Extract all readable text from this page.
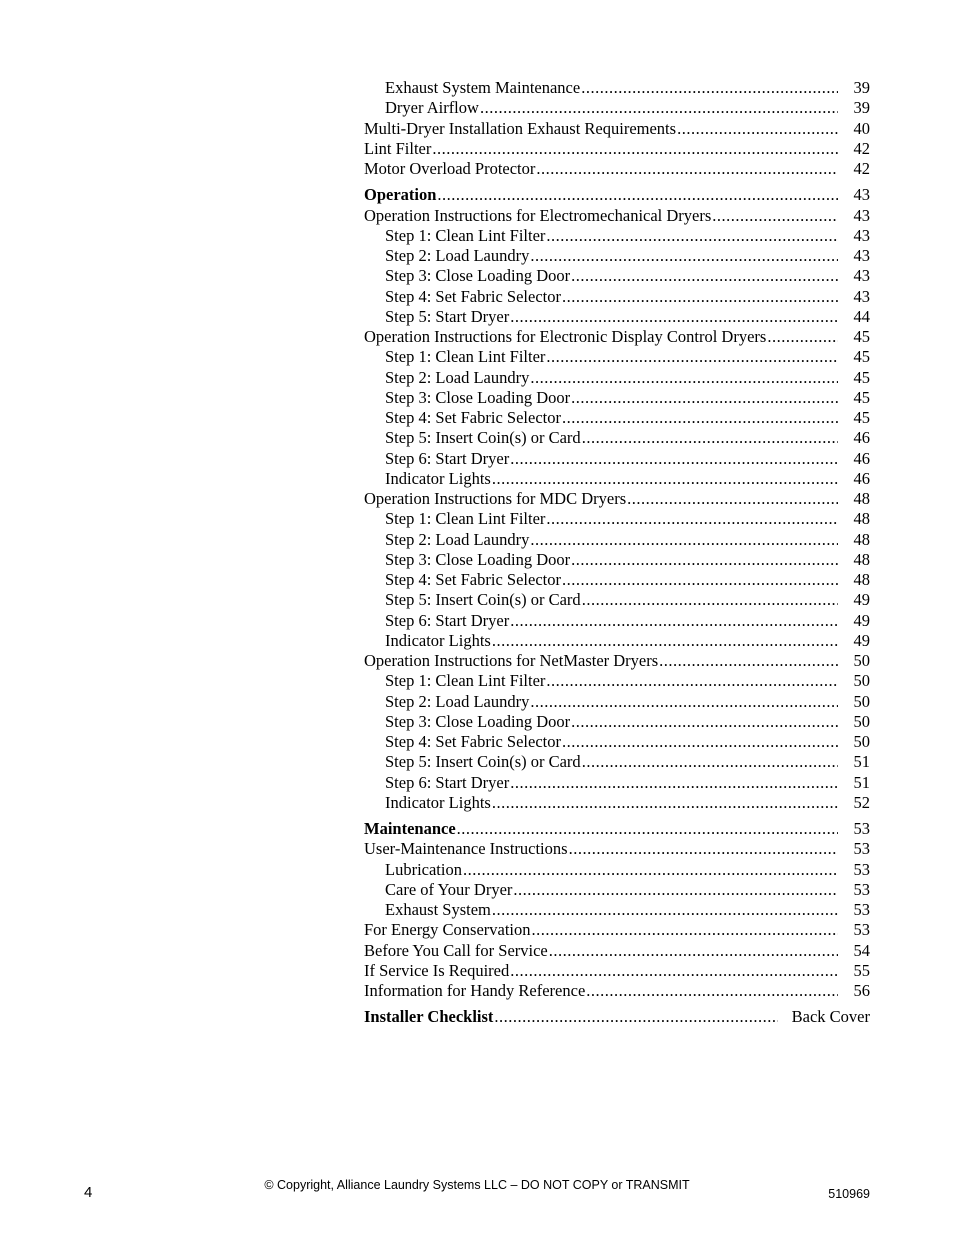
Exhaust System Maintenance .....	39
Dryer Airflow .....	39
Multi-Dryer Installation Exhaust Requirements .....	40
Lint Filter .....	42
Motor Overload Protector .....	42
Operation .....	43
Operation Instructions for Electromechanical Dryers .....	43
Step 1: Clean Lint Filter .....	43
Step 2: Load Laundry .....	43
Step 3: Close Loading Door .....	43
Step 4: Set Fabric Selector .....	43
Step 5: Start Dryer .....	44
Operation Instructions for Electronic Display Control Dryers .....	45
Step 1: Clean Lint Filter .....	45
Step 2: Load Laundry .....	45
Step 3: Close Loading Door .....	45
Step 4: Set Fabric Selector .....	45
Step 5: Insert Coin(s) or Card .....	46
Step 6: Start Dryer .....	46
Indicator Lights .....	46
Operation Instructions for MDC Dryers .....	48
Step 1: Clean Lint Filter .....	48
Step 2: Load Laundry .....	48
Step 3: Close Loading Door .....	48
Step 4: Set Fabric Selector .....	48
Step 5: Insert Coin(s) or Card .....	49
Step 6: Start Dryer .....	49
Indicator Lights .....	49
Operation Instructions for NetMaster Dryers .....	50
Step 1: Clean Lint Filter .....	50
Step 2: Load Laundry .....	50
Step 3: Close Loading Door .....	50
Step 4: Set Fabric Selector .....	50
Step 5: Insert Coin(s) or Card .....	51
Step 6: Start Dryer .....	51
Indicator Lights .....	52
Maintenance .....	53
User-Maintenance Instructions .....	53
Lubrication .....	53
Care of Your Dryer .....	53
Exhaust System .....	53
For Energy Conservation .....	53
Before You Call for Service .....	54
If Service Is Required .....	55
Information for Handy Reference .....	56
Installer Checklist .....	Back Cover
4	© Copyright, Alliance Laundry Systems LLC – DO NOT COPY or TRANSMIT
510969
